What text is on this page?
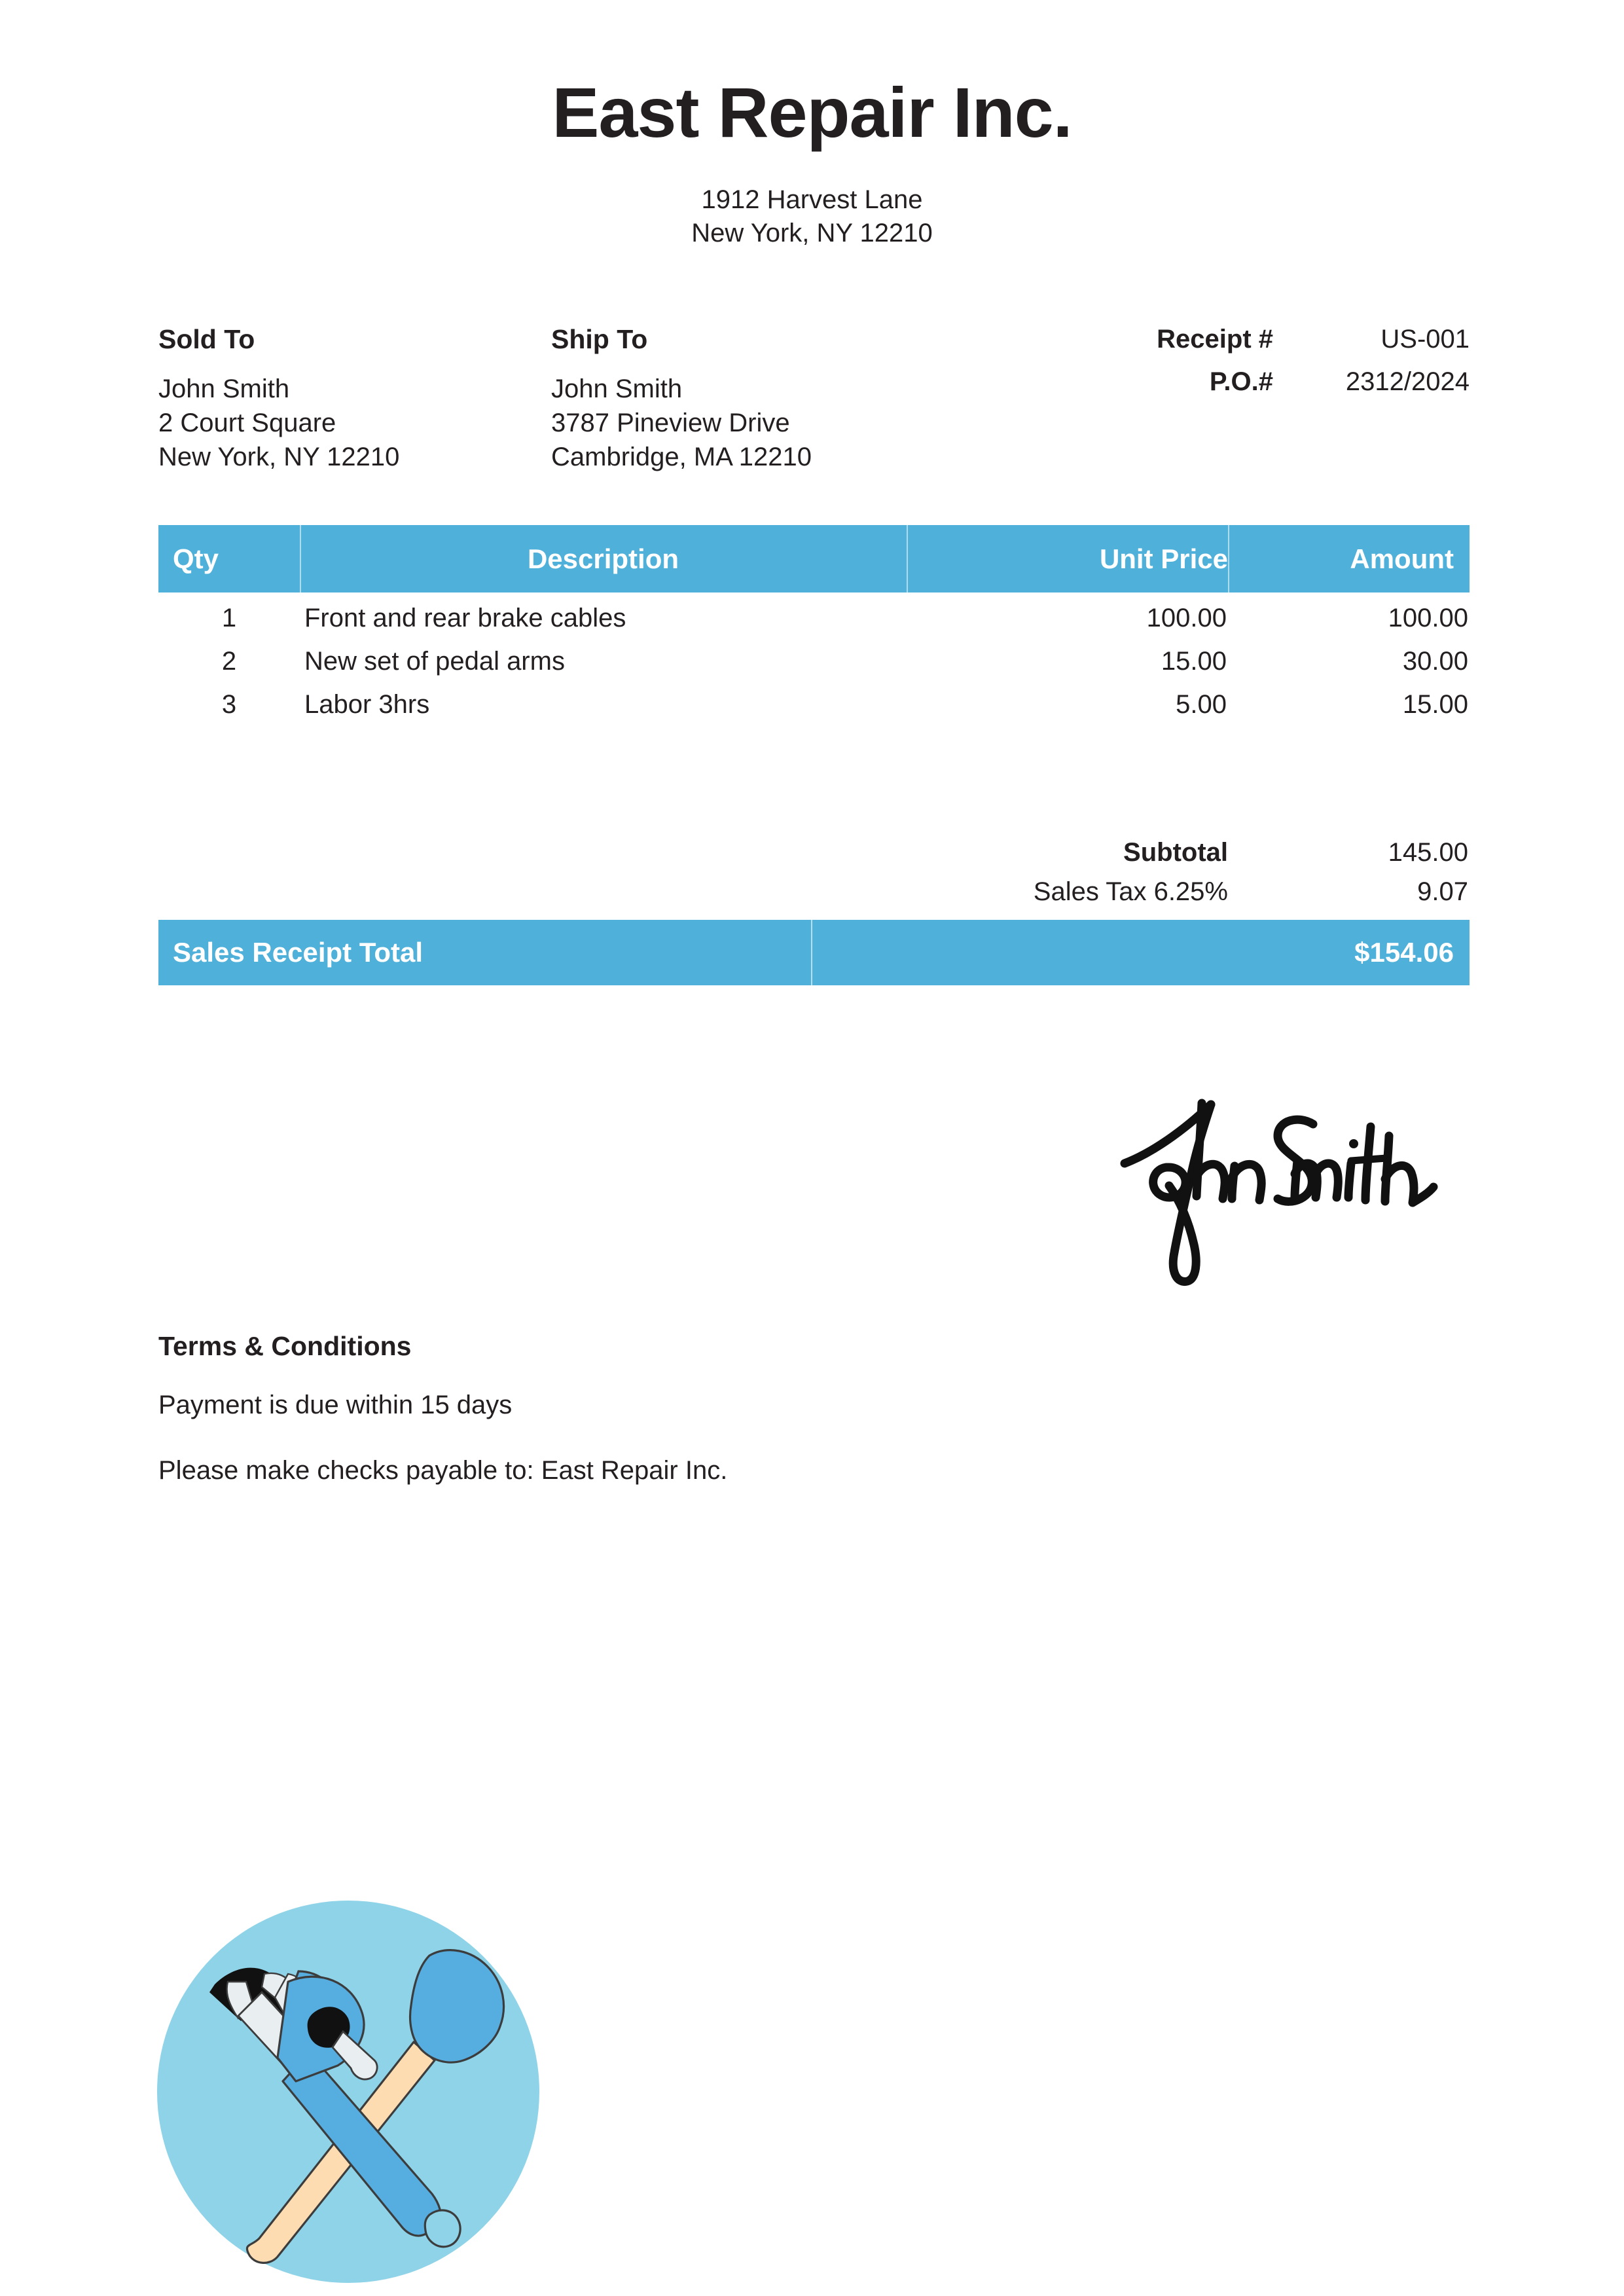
East Repair Inc.
1912 Harvest Lane
New York, NY 12210
Sold To
John Smith
2 Court Square
New York, NY 12210
Ship To
John Smith
3787 Pineview Drive
Cambridge, MA 12210
Receipt #	US-001
P.O.#	2312/2024
Qty	Description	Unit Price	Amount
1	Front and rear brake cables	100.00	100.00
2	New set of pedal arms	15.00	30.00
3	Labor 3hrs	5.00	15.00
Subtotal	145.00
Sales Tax 6.25%	9.07
Sales Receipt Total	$154.06
Terms & Conditions
Payment is due within 15 days
Please make checks payable to: East Repair Inc.
